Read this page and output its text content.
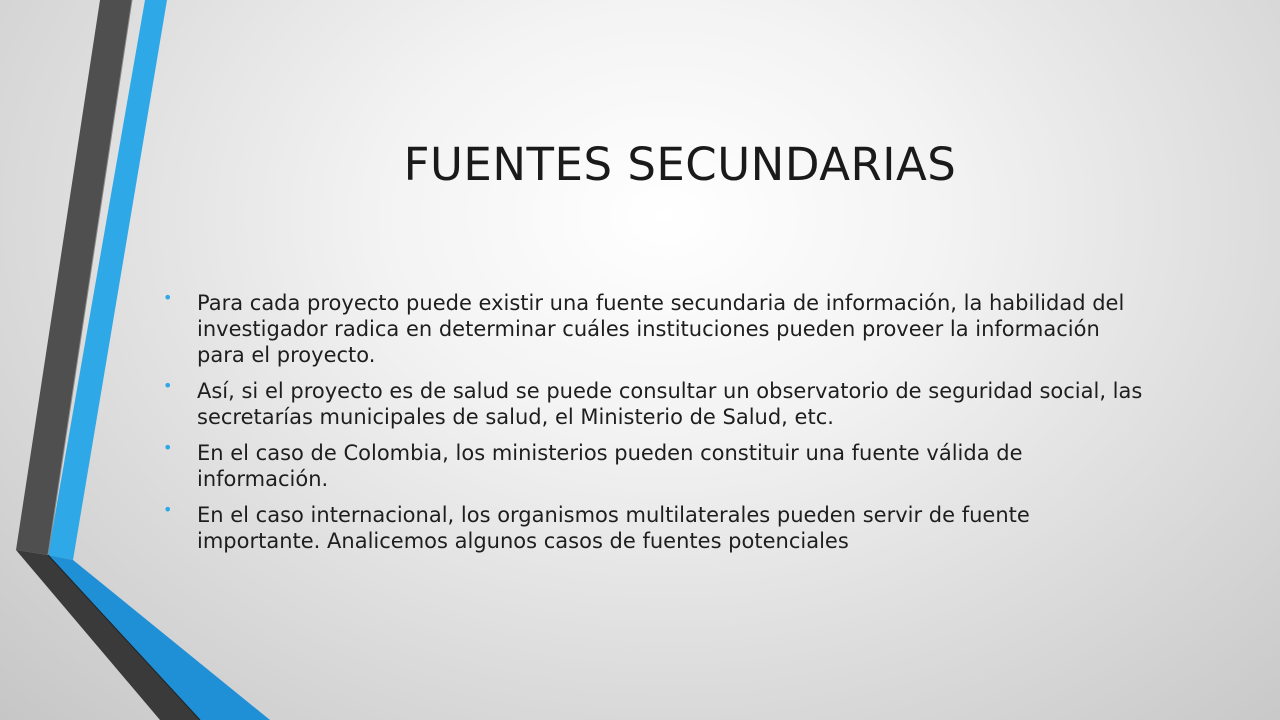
FUENTES SECUNDARIAS
• Para cada proyecto puede existir una fuente secundaria de información, la habilidad del investigador radica en determinar cuáles instituciones pueden proveer la información para el proyecto.
• Así, si el proyecto es de salud se puede consultar un observatorio de seguridad social, las secretarías municipales de salud, el Ministerio de Salud, etc.
• En el caso de Colombia, los ministerios pueden constituir una fuente válida de información.
• En el caso internacional, los organismos multilaterales pueden servir de fuente importante. Analicemos algunos casos de fuentes potenciales
